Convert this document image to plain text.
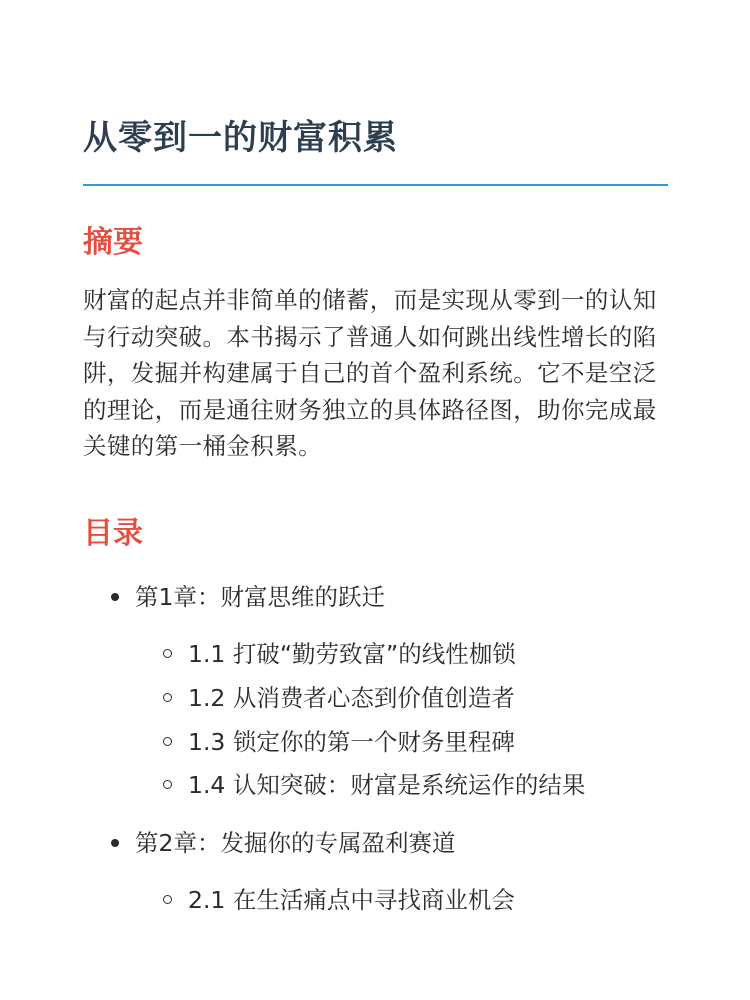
从零到一的财富积累
摘要

财富的起点并非简单的储蓄，而是实现从零到一的认知与行动突破。本书揭示了普通人如何跳出线性增长的陷阱，发掘并构建属于自己的首个盈利系统。它不是空泛的理论，而是通往财务独立的具体路径图，助你完成最关键的第一桶金积累。

目录
第1章：财富思维的跃迁
1.1 打破“勤劳致富”的线性枷锁
1.2 从消费者心态到价值创造者
1.3 锁定你的第一个财务里程碑
1.4 认知突破：财富是系统运作的结果
第2章：发掘你的专属盈利赛道
2.1 在生活痛点中寻找商业机会
